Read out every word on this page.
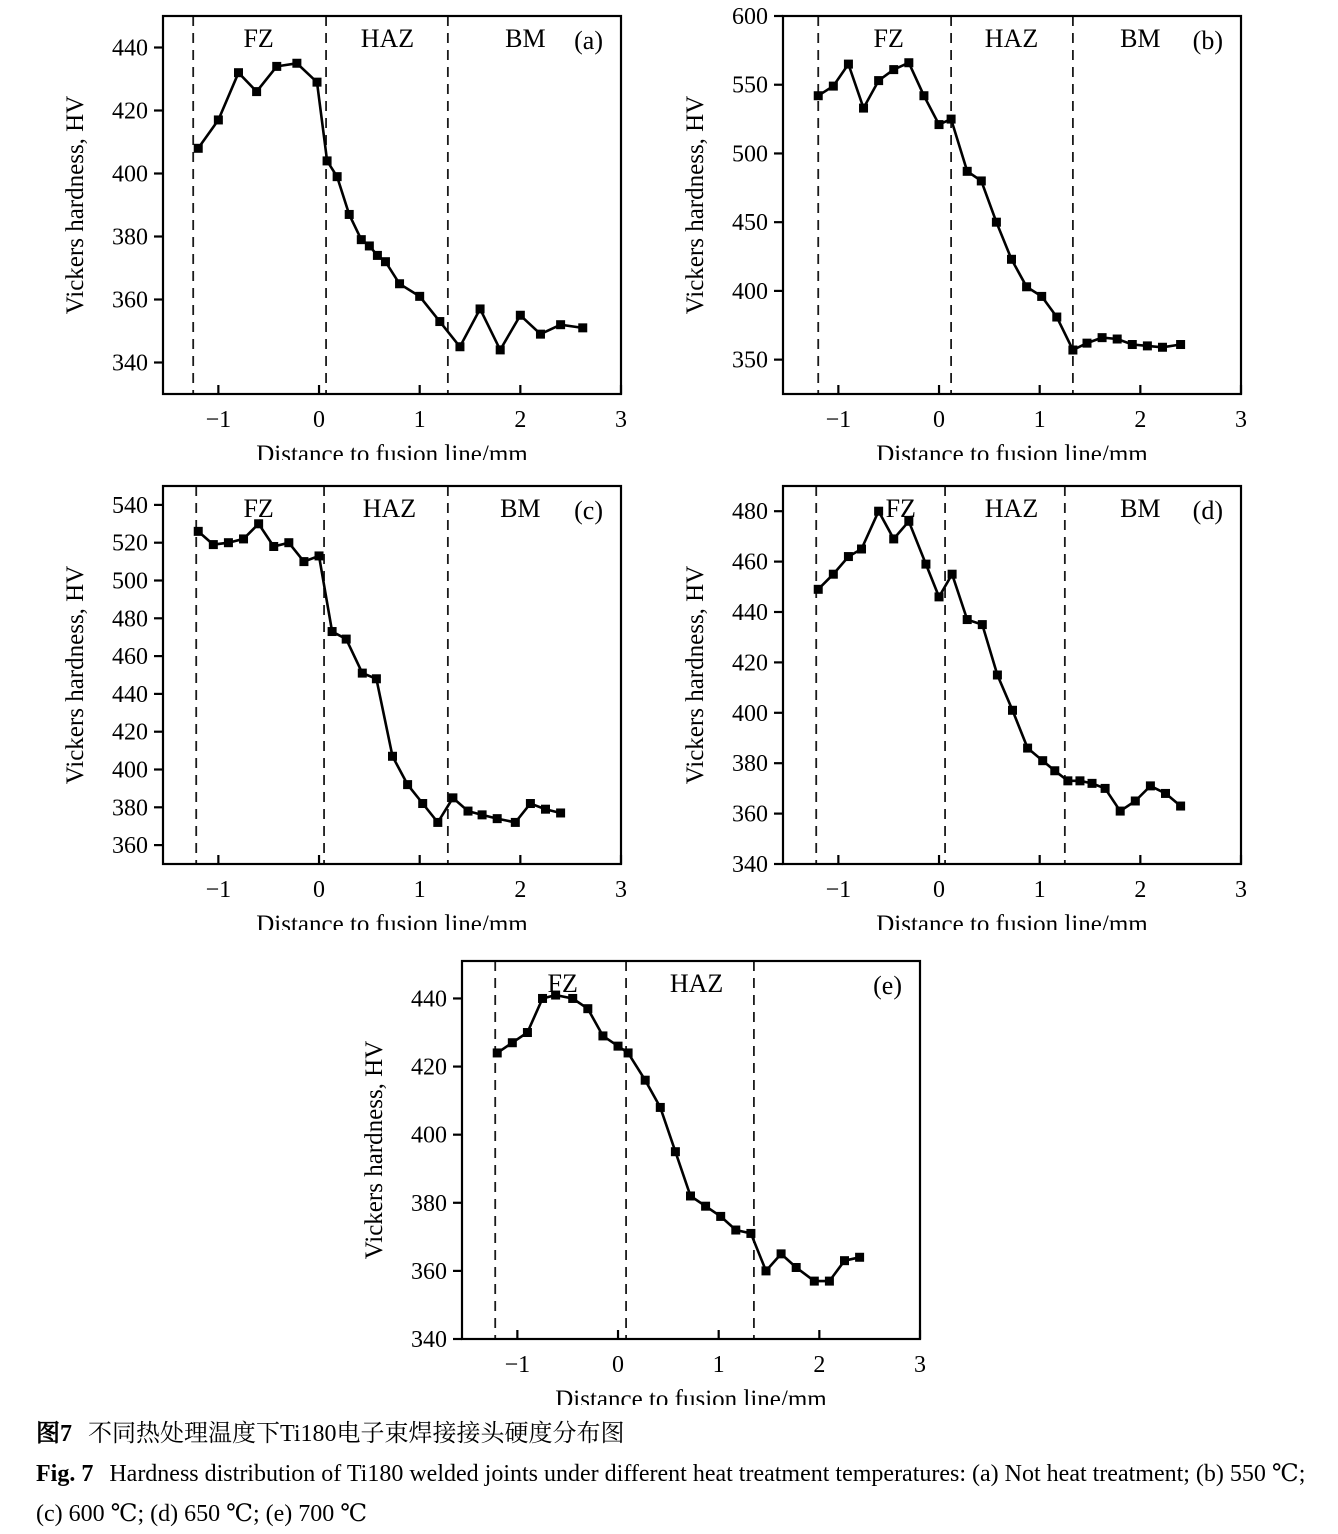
340
360
380
400
420
440
−1	0	1	2	3
FZ	HAZ	BM (a)
Distance to fusion line/mm
Vickers hardness, HV
350
400
450
500
550
600
−1	0	1	2	3
FZ	HAZ	BM (b)
Distance to fusion line/mm
Vickers hardness, HV
360
380
400
420
440
460
480
500
520
540
−1	0	1	2	3
FZ	HAZ	BM (c)
Distance to fusion line/mm
Vickers hardness, HV
340
360
380
400
420
440
460
480
−1	0	1	2	3
FZ	HAZ	BM (d)
Distance to fusion line/mm
Vickers hardness, HV
340
360
380
400
420
440
−1	0	1	2	3
FZ	HAZ	(e)
Distance to fusion line/mm
Vickers hardness, HV

图7 不同热处理温度下Ti180电子束焊接接头硬度分布图

Fig. 7 Hardness distribution of Ti180 welded joints under different heat treatment temperatures: (a) Not heat treatment; (b) 550 ℃; (c) 600 ℃; (d) 650 ℃; (e) 700 ℃
